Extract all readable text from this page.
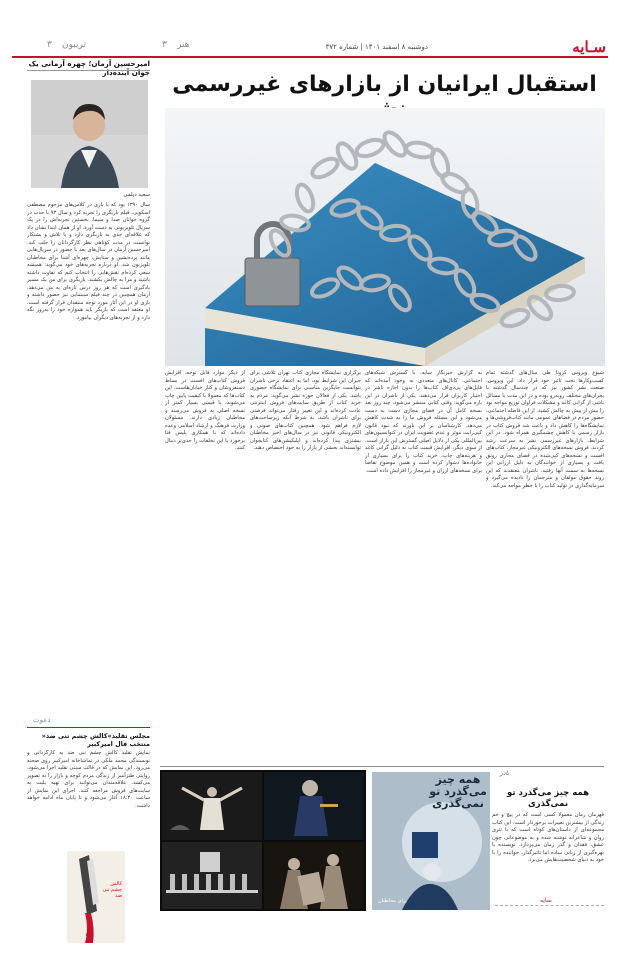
سـایه
دوشنبه ۸ اسفند ۱۴۰۱ | شماره ۳۷۲
هنر
۳
تریبون
۳
استقبال ایرانیان از بازارهای غیررسمی
شیوع ویروس کرونا طی سال‌های گذشته تمام کسب‌وکارها تحت تاثیر خود قرار داد. این ویروس، صنعت نشر کشور نیز که در چندسال گذشته با بحران‌های مختلف روبه‌رو بوده و در این مدت با مسائل ناشی از گرانی کاغذ و مشکلات فراوان توزیع مواجه بود را بیش از پیش به چالش کشید. از این فاصله اجتماعی، حضور مردم در فضاهای عمومی مانند کتاب‌فروشی‌ها و نمایشگاه‌ها را کاهش داد و باعث شد فروش کتاب در بازار رسمی با کاهش چشمگیری همراه شود. در این شرایط، بازارهای غیررسمی نشر به سرعت رشد کردند. فروش نسخه‌های الکترونیکی غیرمجاز، کتاب‌های افست و نسخه‌های کپی‌شده در فضای مجازی رونق یافت و بسیاری از خوانندگان به دلیل ارزانی این نسخه‌ها به سمت آنها رفتند. ناشران معتقدند که این روند حقوق مولفان و مترجمان را نادیده می‌گیرد و سرمایه‌گذاری در تولید کتاب را با خطر مواجه می‌کند.
به گزارش خبرنگار سایه، با گسترش شبکه‌های اجتماعی، کانال‌های متعددی به وجود آمده‌اند که فایل‌های پی‌دی‌اف کتاب‌ها را بدون اجازه ناشر در اختیار کاربران قرار می‌دهند. یکی از ناشران در این باره می‌گوید: وقتی کتابی منتشر می‌شود، چند روز بعد نسخه کامل آن در فضای مجازی دست به دست می‌شود و این مسئله فروش ما را به شدت کاهش می‌دهد. کارشناسان بر این باورند که نبود قانون کپی‌رایت موثر و عدم عضویت ایران در کنوانسیون‌های بین‌المللی یکی از دلایل اصلی گسترش این بازار است. از سوی دیگر، افزایش قیمت کتاب به دلیل گرانی کاغذ و هزینه‌های چاپ، خرید کتاب را برای بسیاری از خانواده‌ها دشوار کرده است و همین موضوع تقاضا برای نسخه‌های ارزان و غیرمجاز را افزایش داده است.
برگزاری نمایشگاه مجازی کتاب تهران تلاشی برای جبران این شرایط بود، اما به اعتقاد برخی ناشران نتوانست جایگزین مناسبی برای نمایشگاه حضوری باشد. یکی از فعالان حوزه نشر می‌گوید: مردم به خرید کتاب از طریق سایت‌های فروش اینترنتی عادت کرده‌اند و این تغییر رفتار می‌تواند فرصتی برای ناشران باشد، به شرط آنکه زیرساخت‌های لازم فراهم شود. همچنین کتاب‌های صوتی و الکترونیکی قانونی نیز در سال‌های اخیر مخاطبان بیشتری پیدا کرده‌اند و اپلیکیشن‌های کتابخوان توانسته‌اند بخشی از بازار را به خود اختصاص دهند.
از دیگر موارد قابل توجه، افزایش فروش کتاب‌های افست در بساط دستفروشان و کنار خیابان‌هاست. این کتاب‌ها که معمولا با کیفیت پایین چاپ می‌شوند، با قیمتی بسیار کمتر از نسخه اصلی به فروش می‌رسند و مخاطبان زیادی دارند. مسئولان وزارت فرهنگ و ارشاد اسلامی وعده داده‌اند که با همکاری پلیس فتا برخورد با این تخلفات را جدی‌تر دنبال کنند.
امیرحسین آرمان؛ چهره آرمانی یک جوان آینده‌دار
سعید دیلمی
سال ۱۳۹۰ بود که با بازی در کلاس‌های مرحوم مصطفی اسکویی، فیلم بازیگری را تجربه کرد و سال ۹۳ با جذب در گروه جوانان صدا و سیما، نخستین تجربه‌اش را در یک سریال تلویزیونی به دست آورد. او از همان ابتدا نشان داد که علاقه‌ای جدی به بازیگری دارد و با تلاش و پشتکار توانست در مدت کوتاهی نظر کارگردانان را جلب کند. امیرحسین آرمان در سال‌های بعد با حضور در سریال‌هایی مانند پرده‌نشین و ستایش، چهره‌ای آشنا برای مخاطبان تلویزیون شد. او درباره تجربه‌های خود می‌گوید: همیشه سعی کرده‌ام نقش‌هایی را انتخاب کنم که تفاوت داشته باشند و مرا به چالش بکشند. بازیگری برای من یک مسیر یادگیری است که هر روز درس تازه‌ای به من می‌دهد. آرمان همچنین در چند فیلم سینمایی نیز حضور داشته و بازی او در این آثار مورد توجه منتقدان قرار گرفته است. او معتقد است که بازیگر باید همواره خود را به‌روز نگه دارد و از تجربه‌های دیگران بیاموزد.
دعوت
مجلس تقلید»کالش چشم تنی ضد« منتخب فال امیرکبیر
نمایش تقلید کالش چشم تنی ضد به کارگردانی و نویسندگی محمد ملکی در تماشاخانه امیرکبیر روی صحنه می‌رود. این نمایش که در قالب سنتی تقلید اجرا می‌شود، روایتی طنزآمیز از زندگی مردم کوچه و بازار را به تصویر می‌کشد. علاقه‌مندان می‌توانند برای تهیه بلیت به سایت‌های فروش مراجعه کنند. اجرای این نمایش از ساعت ۱۸:۳۰ آغاز می‌شود و تا پایان ماه ادامه خواهد داشت.
کالش چشم تنی ضد
همه چیز می‌گذرد تو نمی‌گذری
برای مخاطبان
نادر
همه چیز می‌گذرد تو نمی‌گذری
قهرمان رمان معمولا کسی است که در پیچ و خم زندگی از بیشترین تغییرات برخوردار است. این کتاب مجموعه‌ای از داستان‌های کوتاه است که با نثری روان و شاعرانه نوشته شده و به موضوعاتی چون عشق، فقدان و گذر زمان می‌پردازد. نویسنده با بهره‌گیری از زبانی ساده اما تاثیرگذار، خواننده را با خود به دنیای شخصیت‌هایش می‌برد.
سایه
